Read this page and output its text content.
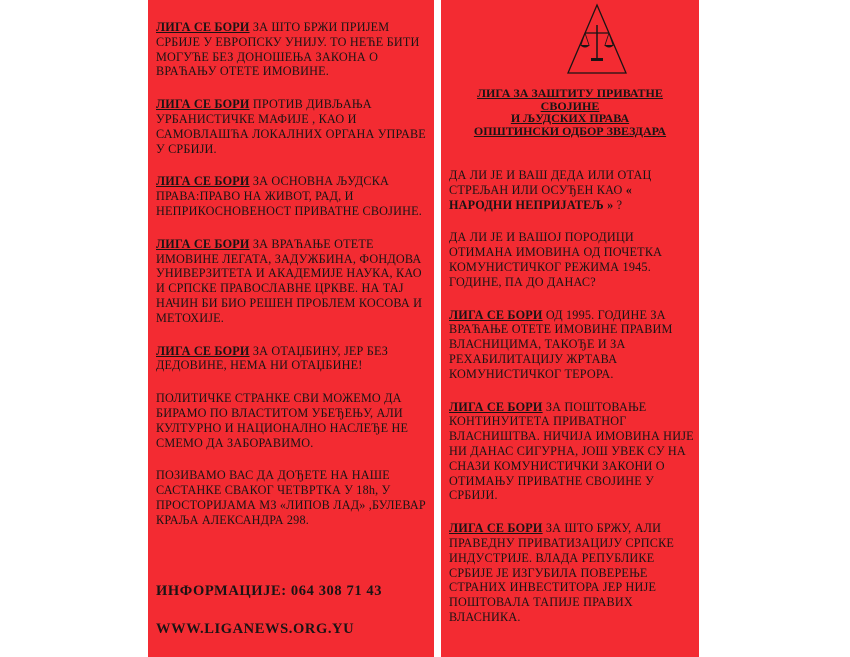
ЛИГА СЕ БОРИ ЗА ШТО БРЖИ ПРИЈЕМ СРБИЈЕ У ЕВРОПСКУ УНИЈУ. ТО НЕЋЕ БИТИ МОГУЋЕ БЕЗ ДОНОШЕЊА ЗАКОНА О ВРАЋАЊУ ОТЕТЕ ИМОВИНЕ.

ЛИГА СЕ БОРИ ПРОТИВ ДИВЉАЊА УРБАНИСТИЧКЕ МАФИЈЕ , КАО И САМОВЛАШЋА ЛОКАЛНИХ ОРГАНА УПРАВЕ У СРБИЈИ.

ЛИГА СЕ БОРИ ЗА ОСНОВНА ЉУДСКА ПРАВА:ПРАВО НА ЖИВОТ, РАД, И НЕПРИКОСНОВЕНОСТ ПРИВАТНЕ СВОЈИНЕ.

ЛИГА СЕ БОРИ ЗА ВРАЋАЊЕ ОТЕТЕ ИМОВИНЕ ЛЕГАТА, ЗАДУЖБИНА, ФОНДОВА УНИВЕРЗИТЕТА И АКАДЕМИЈЕ НАУКА, КАО И СРПСКЕ ПРАВОСЛАВНЕ ЦРКВЕ. НА ТАЈ НАЧИН БИ БИО РЕШЕН ПРОБЛЕМ КОСОВА И МЕТОХИЈЕ.

ЛИГА СЕ БОРИ ЗА ОТАЏБИНУ, ЈЕР БЕЗ ДЕДОВИНЕ, НЕМА НИ ОТАЏБИНЕ!

ПОЛИТИЧКЕ СТРАНКЕ СВИ МОЖЕМО ДА БИРАМО ПО ВЛАСТИТОМ УБЕЂЕЊУ, АЛИ КУЛТУРНО И НАЦИОНАЛНО НАСЛЕЂЕ НЕ СМЕМО ДА ЗАБОРАВИМО.

ПОЗИВАМО ВАС ДА ДОЂЕТЕ НА НАШЕ САСТАНКЕ СВАКОГ ЧЕТВРТКА У 18h, У ПРОСТОРИЈАМА МЗ «ЛИПОВ ЛАД» ,БУЛЕВАР КРАЉА АЛЕКСАНДРА 298.

ИНФОРМАЦИЈЕ: 064 308 71 43

WWW.LIGANEWS.ORG.YU

ЛИГА ЗА ЗАШТИТУ ПРИВАТНЕ
СВОЈИНЕ
И ЉУДСКИХ ПРАВА
ОПШТИНСКИ ОДБОР ЗВЕЗДАРА

ДА ЛИ ЈЕ И ВАШ ДЕДА ИЛИ ОТАЦ СТРЕЉАН ИЛИ ОСУЂЕН КАО « НАРОДНИ НЕПРИЈАТЕЉ » ?

ДА ЛИ ЈЕ И ВАШОЈ ПОРОДИЦИ ОТИМАНА ИМОВИНА ОД ПОЧЕТКА КОМУНИСТИЧКОГ РЕЖИМА 1945. ГОДИНЕ, ПА ДО ДАНАС?

ЛИГА СЕ БОРИ ОД 1995. ГОДИНЕ ЗА ВРАЋАЊЕ ОТЕТЕ ИМОВИНЕ ПРАВИМ ВЛАСНИЦИМА, ТАКОЂЕ И ЗА РЕХАБИЛИТАЦИЈУ ЖРТАВА КОМУНИСТИЧКОГ ТЕРОРА.

ЛИГА СЕ БОРИ ЗА ПОШТОВАЊЕ КОНТИНУИТЕТА ПРИВАТНОГ ВЛАСНИШТВА. НИЧИЈА ИМОВИНА НИЈЕ НИ ДАНАС СИГУРНА, ЈОШ УВЕК СУ НА СНАЗИ КОМУНИСТИЧКИ ЗАКОНИ О ОТИМАЊУ ПРИВАТНЕ СВОЈИНЕ У СРБИЈИ.

ЛИГА СЕ БОРИ ЗА ШТО БРЖУ, АЛИ ПРАВЕДНУ ПРИВАТИЗАЦИЈУ СРПСКЕ ИНДУСТРИЈЕ. ВЛАДА РЕПУБЛИКЕ СРБИЈЕ ЈЕ ИЗГУБИЛА ПОВЕРЕЊЕ СТРАНИХ ИНВЕСТИТОРА ЈЕР НИЈЕ ПОШТОВАЛА ТАПИЈЕ ПРАВИХ ВЛАСНИКА.
